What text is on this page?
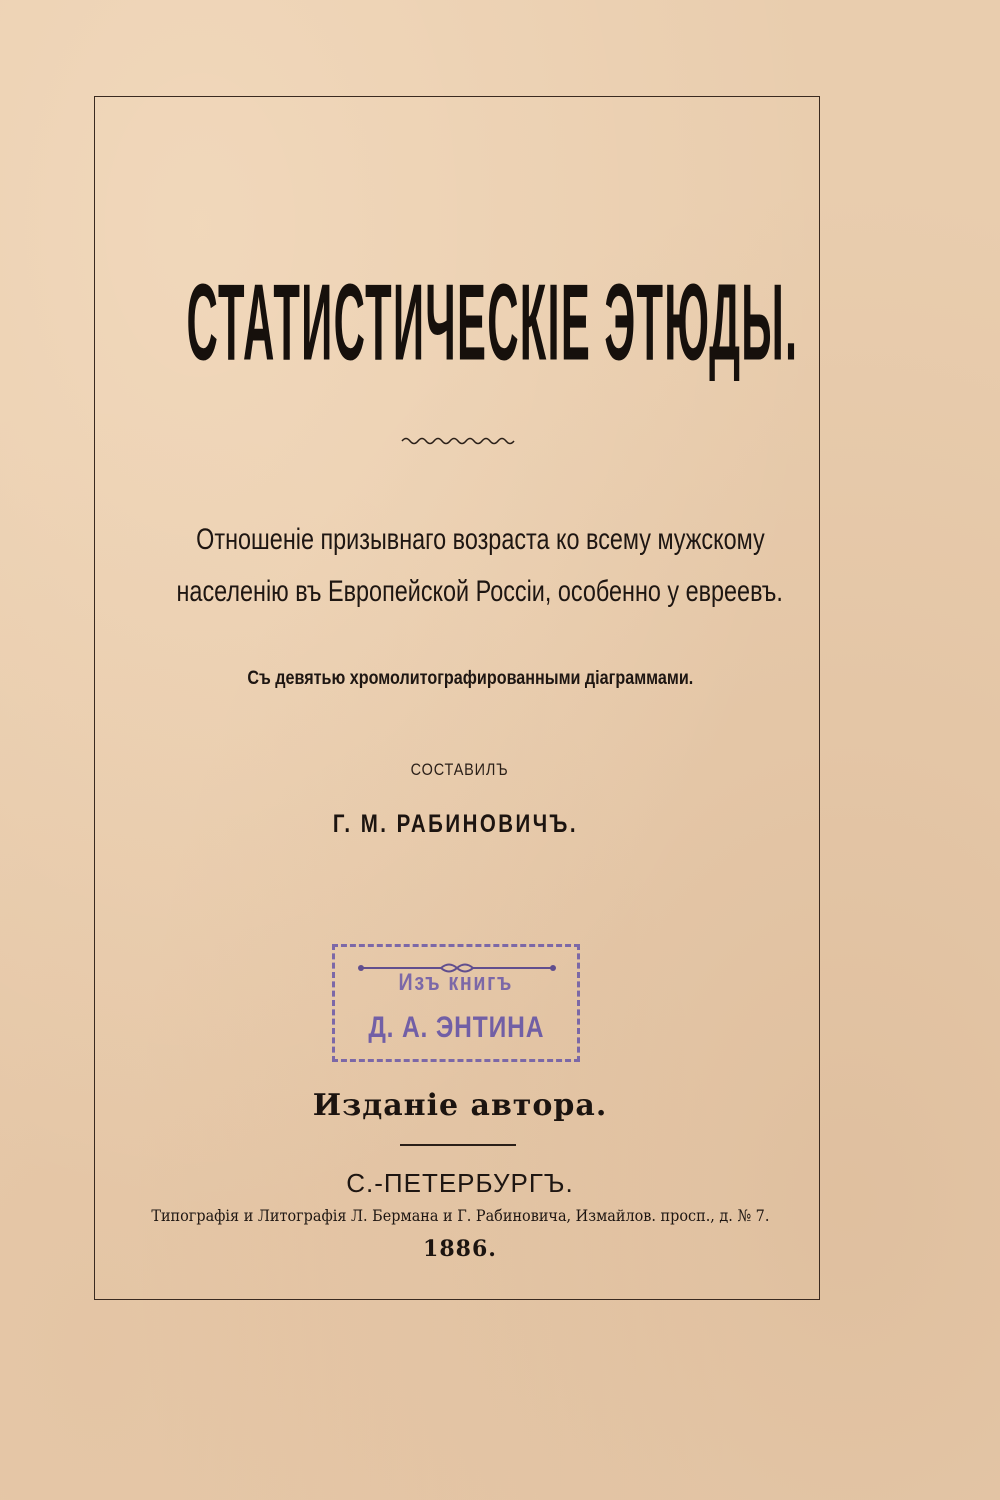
СТАТИСТИЧЕСКІЕ ЭТЮДЫ.
Отношеніе призывнаго возраста ко всему мужскому
населенію въ Европейской Россіи, особенно у евреевъ.
Съ девятью хромолитографированными діаграммами.
СОСТАВИЛЪ
Г. М. РАБИНОВИЧЪ.
Изъ книгъ
Д. А. ЭНТИНА
Изданіе автора.
С.-ПЕТЕРБУРГЪ.
Типографія и Литографія Л. Бермана и Г. Рабиновича, Измайлов. просп., д. № 7.
1886.
